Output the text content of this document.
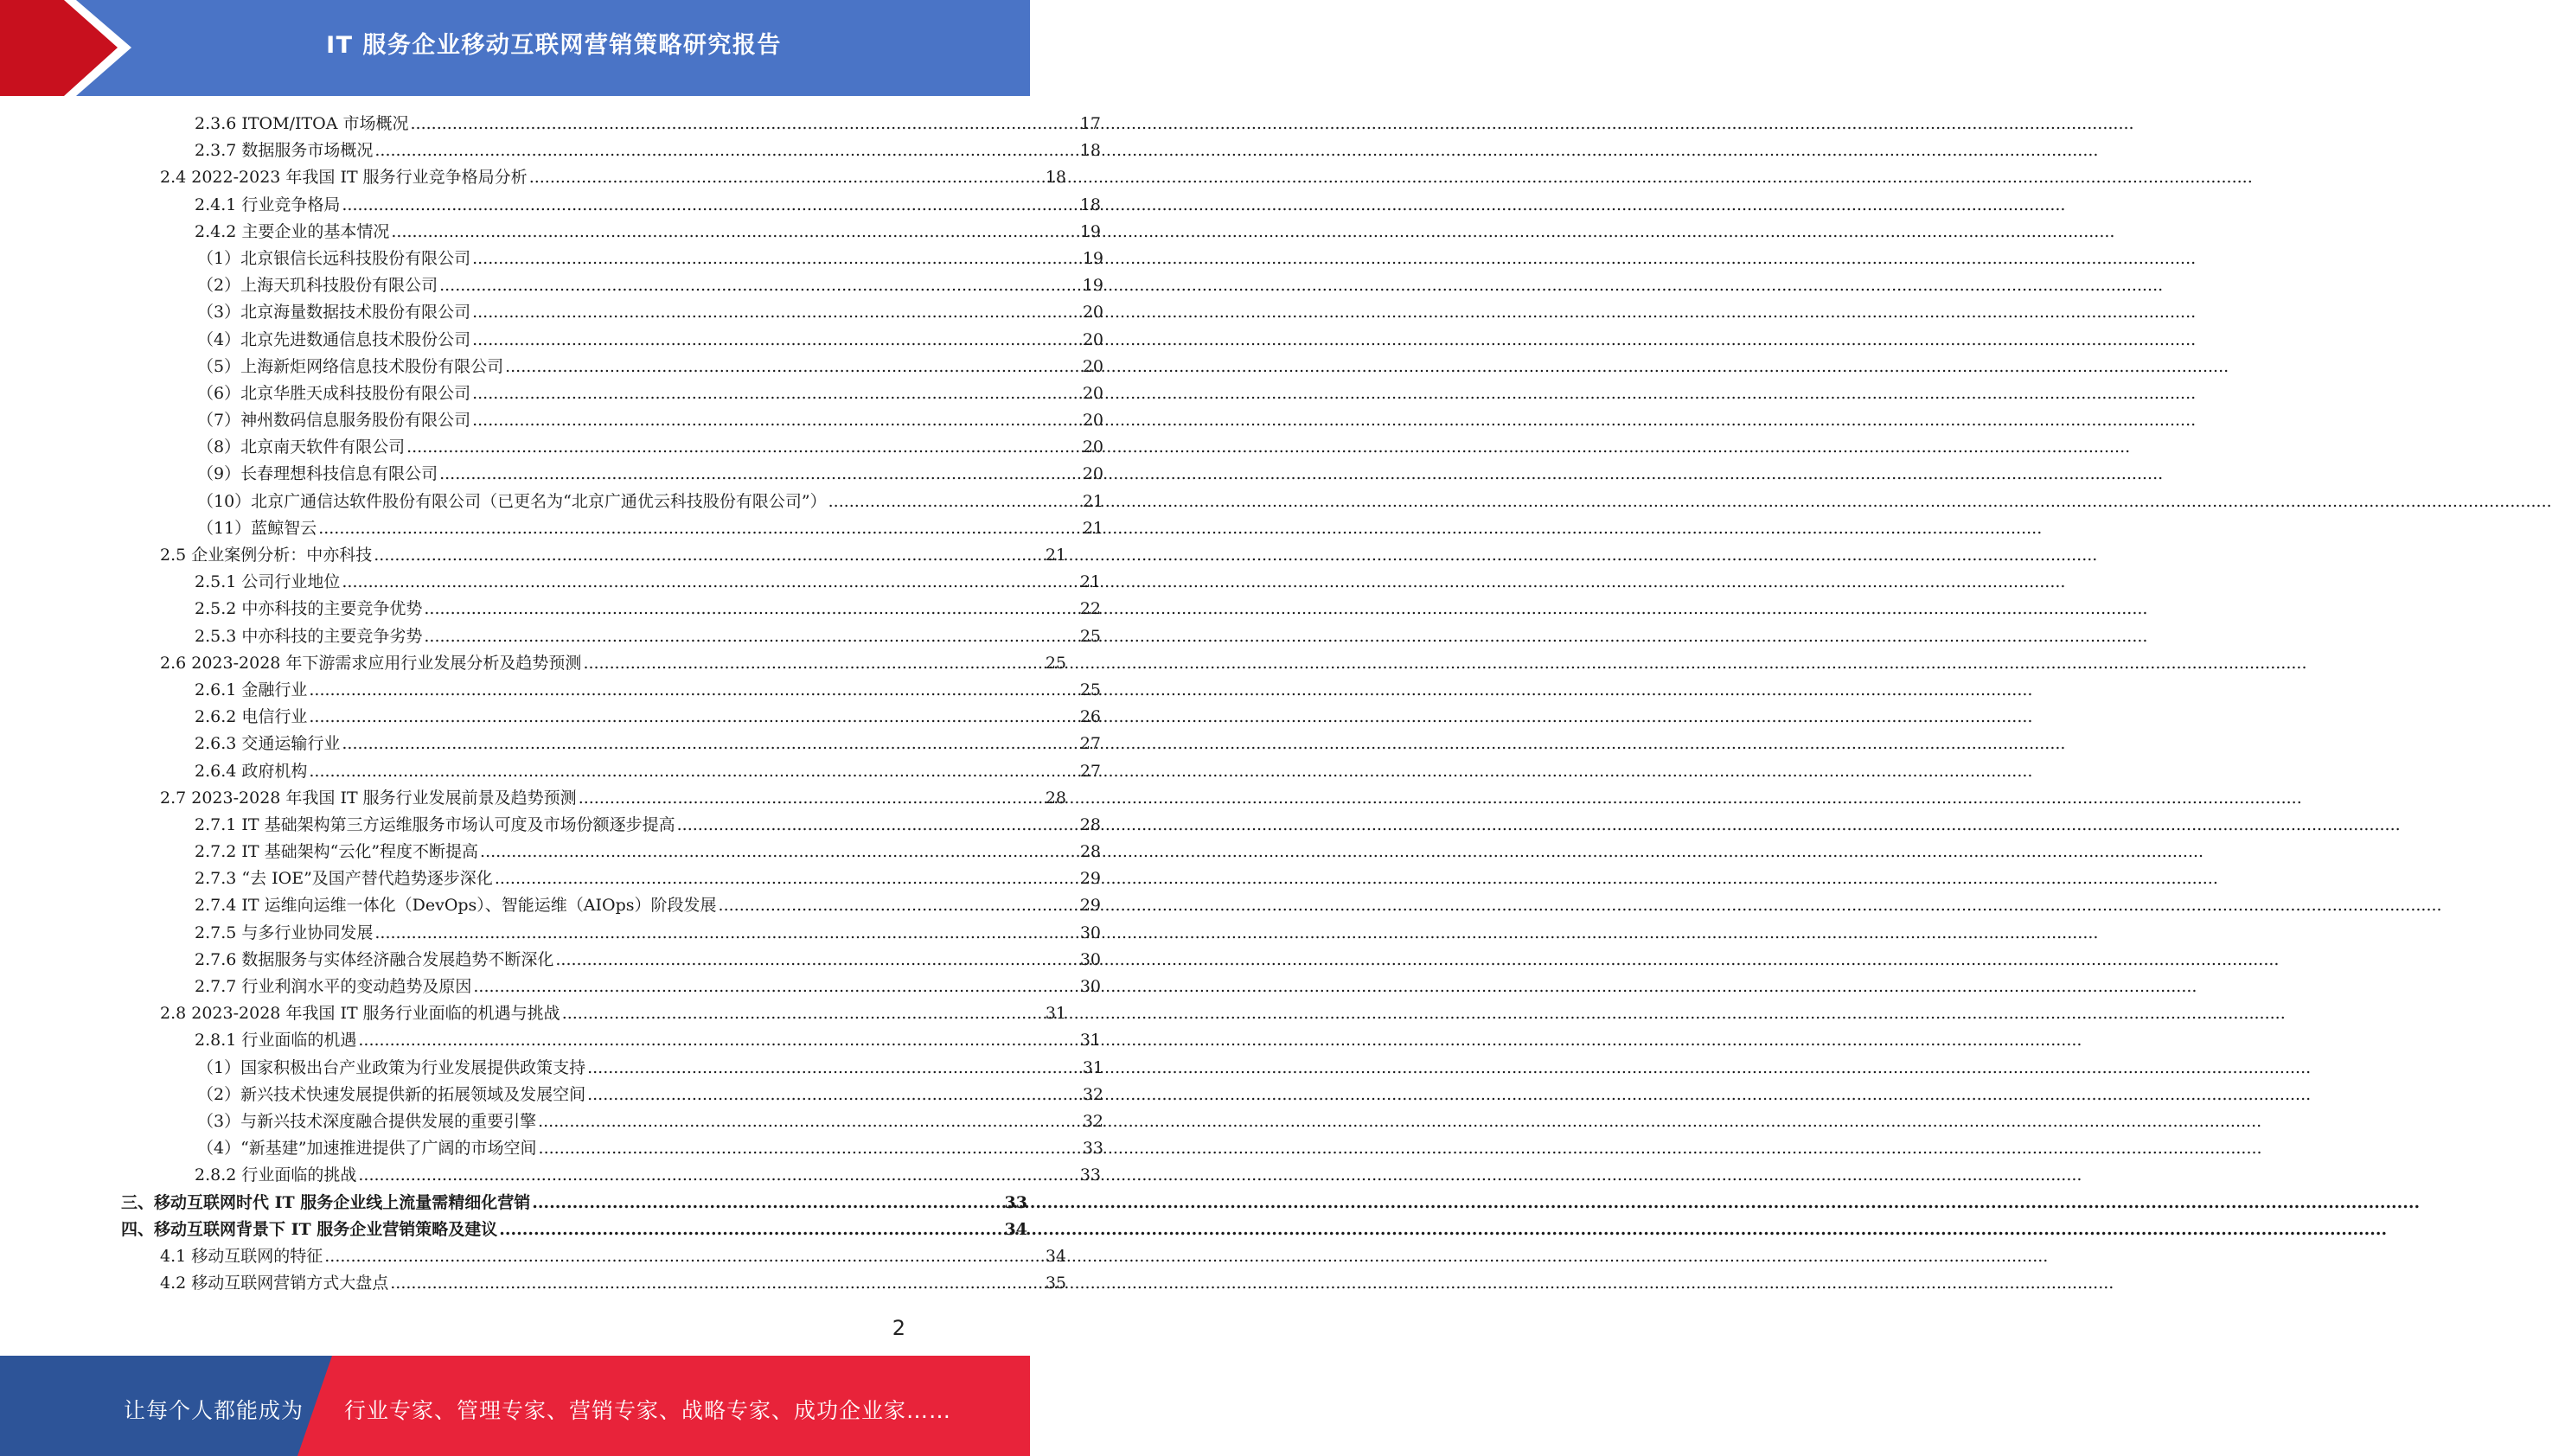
IT 服务企业移动互联网营销策略研究报告
2.3.6 ITOM/ITOA 市场概况 .....	17
2.3.7 数据服务市场概况 .....	18
2.4 2022-2023 年我国 IT 服务行业竞争格局分析 .....	18
2.4.1 行业竞争格局 .....	18
2.4.2 主要企业的基本情况 .....	19
（1）北京银信长远科技股份有限公司 .....	19
（2）上海天玑科技股份有限公司 .....	19
（3）北京海量数据技术股份有限公司 .....	20
（4）北京先进数通信息技术股份公司 .....	20
（5）上海新炬网络信息技术股份有限公司 .....	20
（6）北京华胜天成科技股份有限公司 .....	20
（7）神州数码信息服务股份有限公司 .....	20
（8）北京南天软件有限公司 .....	20
（9）长春理想科技信息有限公司 .....	20
（10）北京广通信达软件股份有限公司（已更名为“北京广通优云科技股份有限公司”） .....	21
（11）蓝鲸智云 .....	21
2.5 企业案例分析：中亦科技 .....	21
2.5.1 公司行业地位 .....	21
2.5.2 中亦科技的主要竞争优势 .....	22
2.5.3 中亦科技的主要竞争劣势 .....	25
2.6 2023-2028 年下游需求应用行业发展分析及趋势预测 .....	25
2.6.1 金融行业 .....	25
2.6.2 电信行业 .....	26
2.6.3 交通运输行业 .....	27
2.6.4 政府机构 .....	27
2.7 2023-2028 年我国 IT 服务行业发展前景及趋势预测 .....	28
2.7.1 IT 基础架构第三方运维服务市场认可度及市场份额逐步提高 .....	28
2.7.2 IT 基础架构“云化”程度不断提高 .....	28
2.7.3 “去 IOE”及国产替代趋势逐步深化 .....	29
2.7.4 IT 运维向运维一体化（DevOps）、智能运维（AIOps）阶段发展 .....	29
2.7.5 与多行业协同发展 .....	30
2.7.6 数据服务与实体经济融合发展趋势不断深化 .....	30
2.7.7 行业利润水平的变动趋势及原因 .....	30
2.8 2023-2028 年我国 IT 服务行业面临的机遇与挑战 .....	31
2.8.1 行业面临的机遇 .....	31
（1）国家积极出台产业政策为行业发展提供政策支持 .....	31
（2）新兴技术快速发展提供新的拓展领域及发展空间 .....	32
（3）与新兴技术深度融合提供发展的重要引擎 .....	32
（4）“新基建”加速推进提供了广阔的市场空间 .....	33
2.8.2 行业面临的挑战 .....	33
三、移动互联网时代 IT 服务企业线上流量需精细化营销 .....	33
四、移动互联网背景下 IT 服务企业营销策略及建议 .....	34
4.1 移动互联网的特征 .....	34
4.2 移动互联网营销方式大盘点 .....	35
2
让每个人都能成为 行业专家、管理专家、营销专家、战略专家、成功企业家……
